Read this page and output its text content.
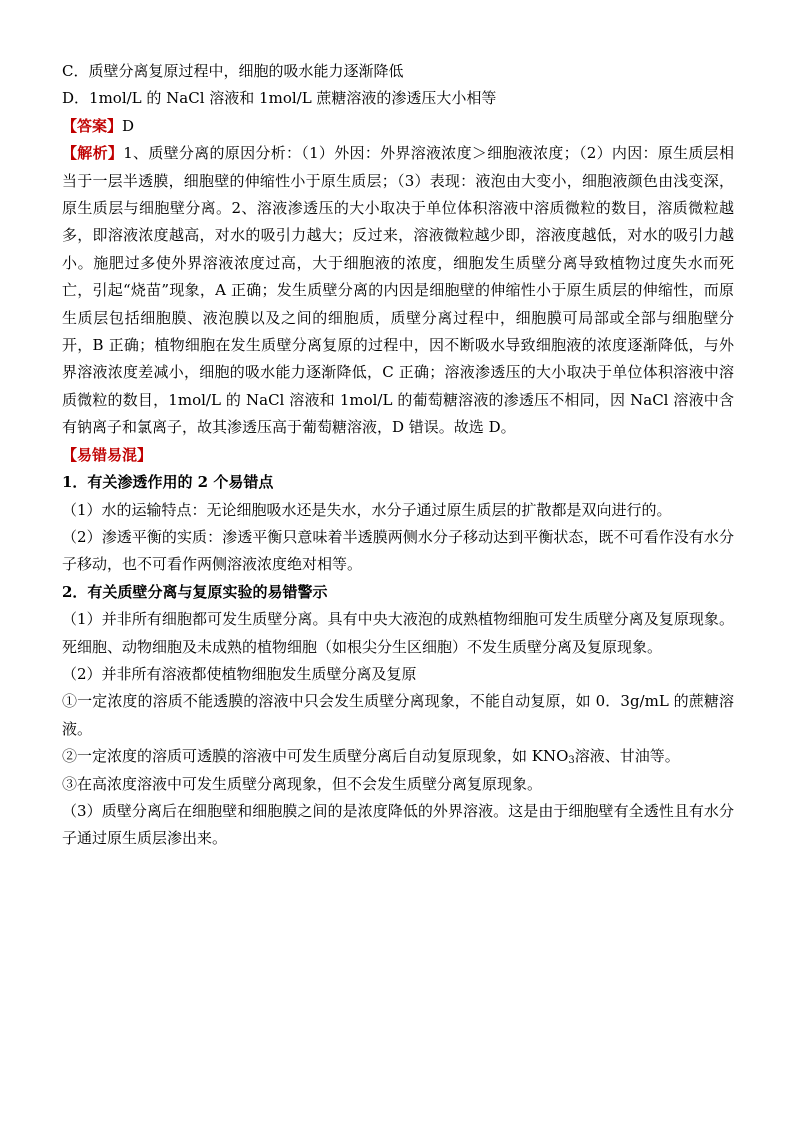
C．质壁分离复原过程中，细胞的吸水能力逐渐降低

D．1mol/L 的 NaCl 溶液和 1mol/L 蔗糖溶液的渗透压大小相等

【答案】D

【解析】1、质壁分离的原因分析：（1）外因：外界溶液浓度＞细胞液浓度；（2）内因：原生质层相当于一层半透膜，细胞壁的伸缩性小于原生质层；（3）表现：液泡由大变小，细胞液颜色由浅变深，原生质层与细胞壁分离。2、溶液渗透压的大小取决于单位体积溶液中溶质微粒的数目，溶质微粒越多，即溶液浓度越高，对水的吸引力越大；反过来，溶液微粒越少即，溶液度越低，对水的吸引力越小。施肥过多使外界溶液浓度过高，大于细胞液的浓度，细胞发生质壁分离导致植物过度失水而死亡，引起“烧苗”现象，A 正确；发生质壁分离的内因是细胞壁的伸缩性小于原生质层的伸缩性，而原生质层包括细胞膜、液泡膜以及之间的细胞质，质壁分离过程中，细胞膜可局部或全部与细胞壁分开，B 正确；植物细胞在发生质壁分离复原的过程中，因不断吸水导致细胞液的浓度逐渐降低，与外界溶液浓度差减小，细胞的吸水能力逐渐降低，C 正确；溶液渗透压的大小取决于单位体积溶液中溶质微粒的数目，1mol/L 的 NaCl 溶液和 1mol/L 的葡萄糖溶液的渗透压不相同，因 NaCl 溶液中含有钠离子和氯离子，故其渗透压高于葡萄糖溶液，D 错误。故选 D。

【易错易混】

1．有关渗透作用的 2 个易错点

（1）水的运输特点：无论细胞吸水还是失水，水分子通过原生质层的扩散都是双向进行的。

（2）渗透平衡的实质：渗透平衡只意味着半透膜两侧水分子移动达到平衡状态，既不可看作没有水分子移动，也不可看作两侧溶液浓度绝对相等。

2．有关质壁分离与复原实验的易错警示

（1）并非所有细胞都可发生质壁分离。具有中央大液泡的成熟植物细胞可发生质壁分离及复原现象。死细胞、动物细胞及未成熟的植物细胞（如根尖分生区细胞）不发生质壁分离及复原现象。

（2）并非所有溶液都使植物细胞发生质壁分离及复原

①一定浓度的溶质不能透膜的溶液中只会发生质壁分离现象，不能自动复原，如 0．3g/mL 的蔗糖溶液。

②一定浓度的溶质可透膜的溶液中可发生质壁分离后自动复原现象，如 $KNO_3$溶液、甘油等。

③在高浓度溶液中可发生质壁分离现象，但不会发生质壁分离复原现象。

（3）质壁分离后在细胞壁和细胞膜之间的是浓度降低的外界溶液。这是由于细胞壁有全透性且有水分子通过原生质层渗出来。
